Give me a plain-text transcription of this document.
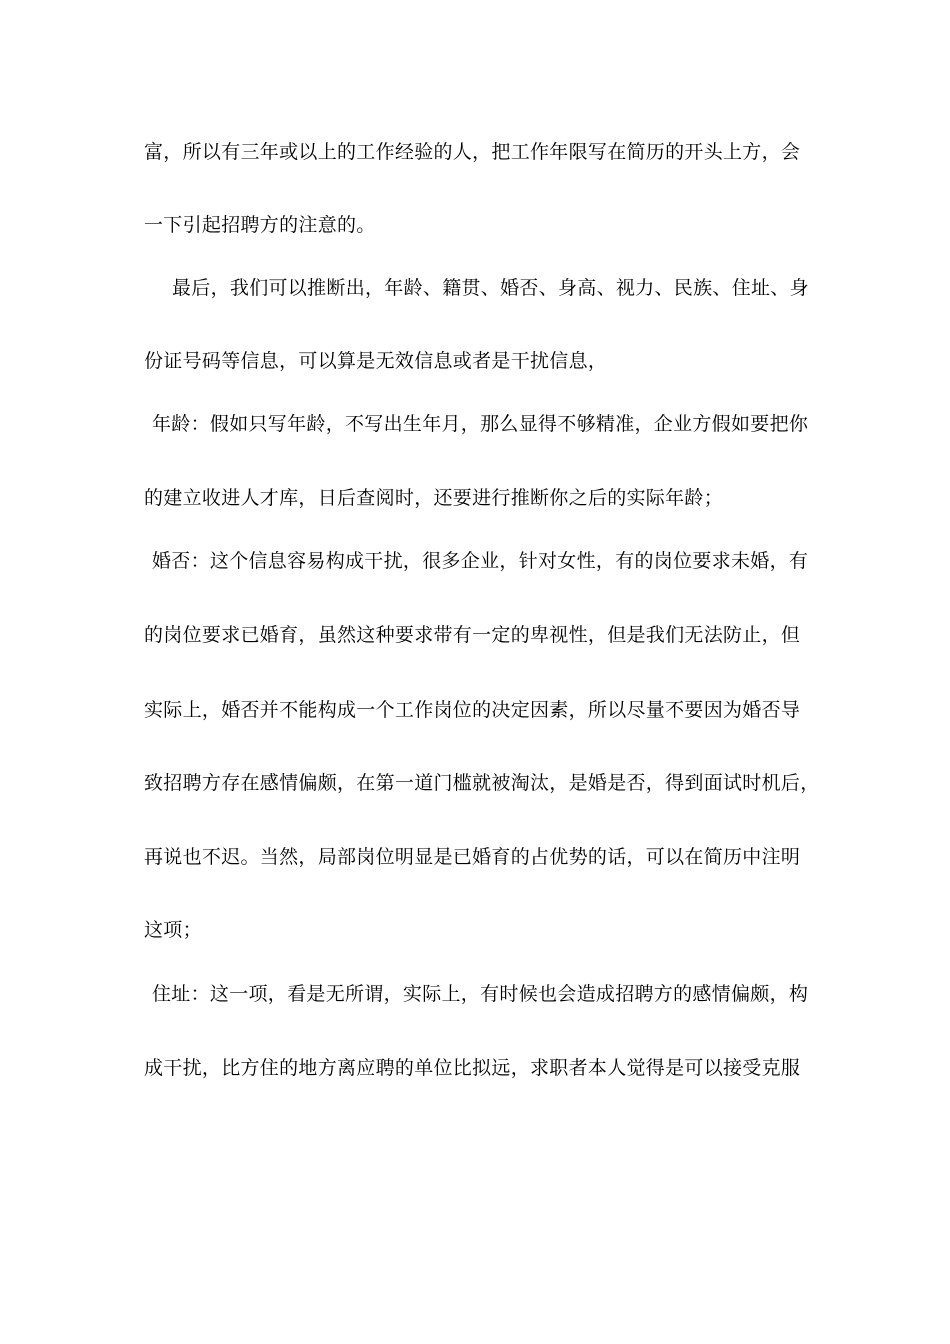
富，所以有三年或以上的工作经验的人，把工作年限写在简历的开头上方，会

一下引起招聘方的注意的。

最后，我们可以推断出，年龄、籍贯、婚否、身高、视力、民族、住址、身

份证号码等信息，可以算是无效信息或者是干扰信息，

年龄：假如只写年龄，不写出生年月，那么显得不够精准，企业方假如要把你

的建立收进人才库，日后查阅时，还要进行推断你之后的实际年龄；

婚否：这个信息容易构成干扰，很多企业，针对女性，有的岗位要求未婚，有

的岗位要求已婚育，虽然这种要求带有一定的卑视性，但是我们无法防止，但

实际上，婚否并不能构成一个工作岗位的决定因素，所以尽量不要因为婚否导

致招聘方存在感情偏颇，在第一道门槛就被淘汰，是婚是否，得到面试时机后，

再说也不迟。当然，局部岗位明显是已婚育的占优势的话，可以在简历中注明

这项；

住址：这一项，看是无所谓，实际上，有时候也会造成招聘方的感情偏颇，构

成干扰，比方住的地方离应聘的单位比拟远，求职者本人觉得是可以接受克服
